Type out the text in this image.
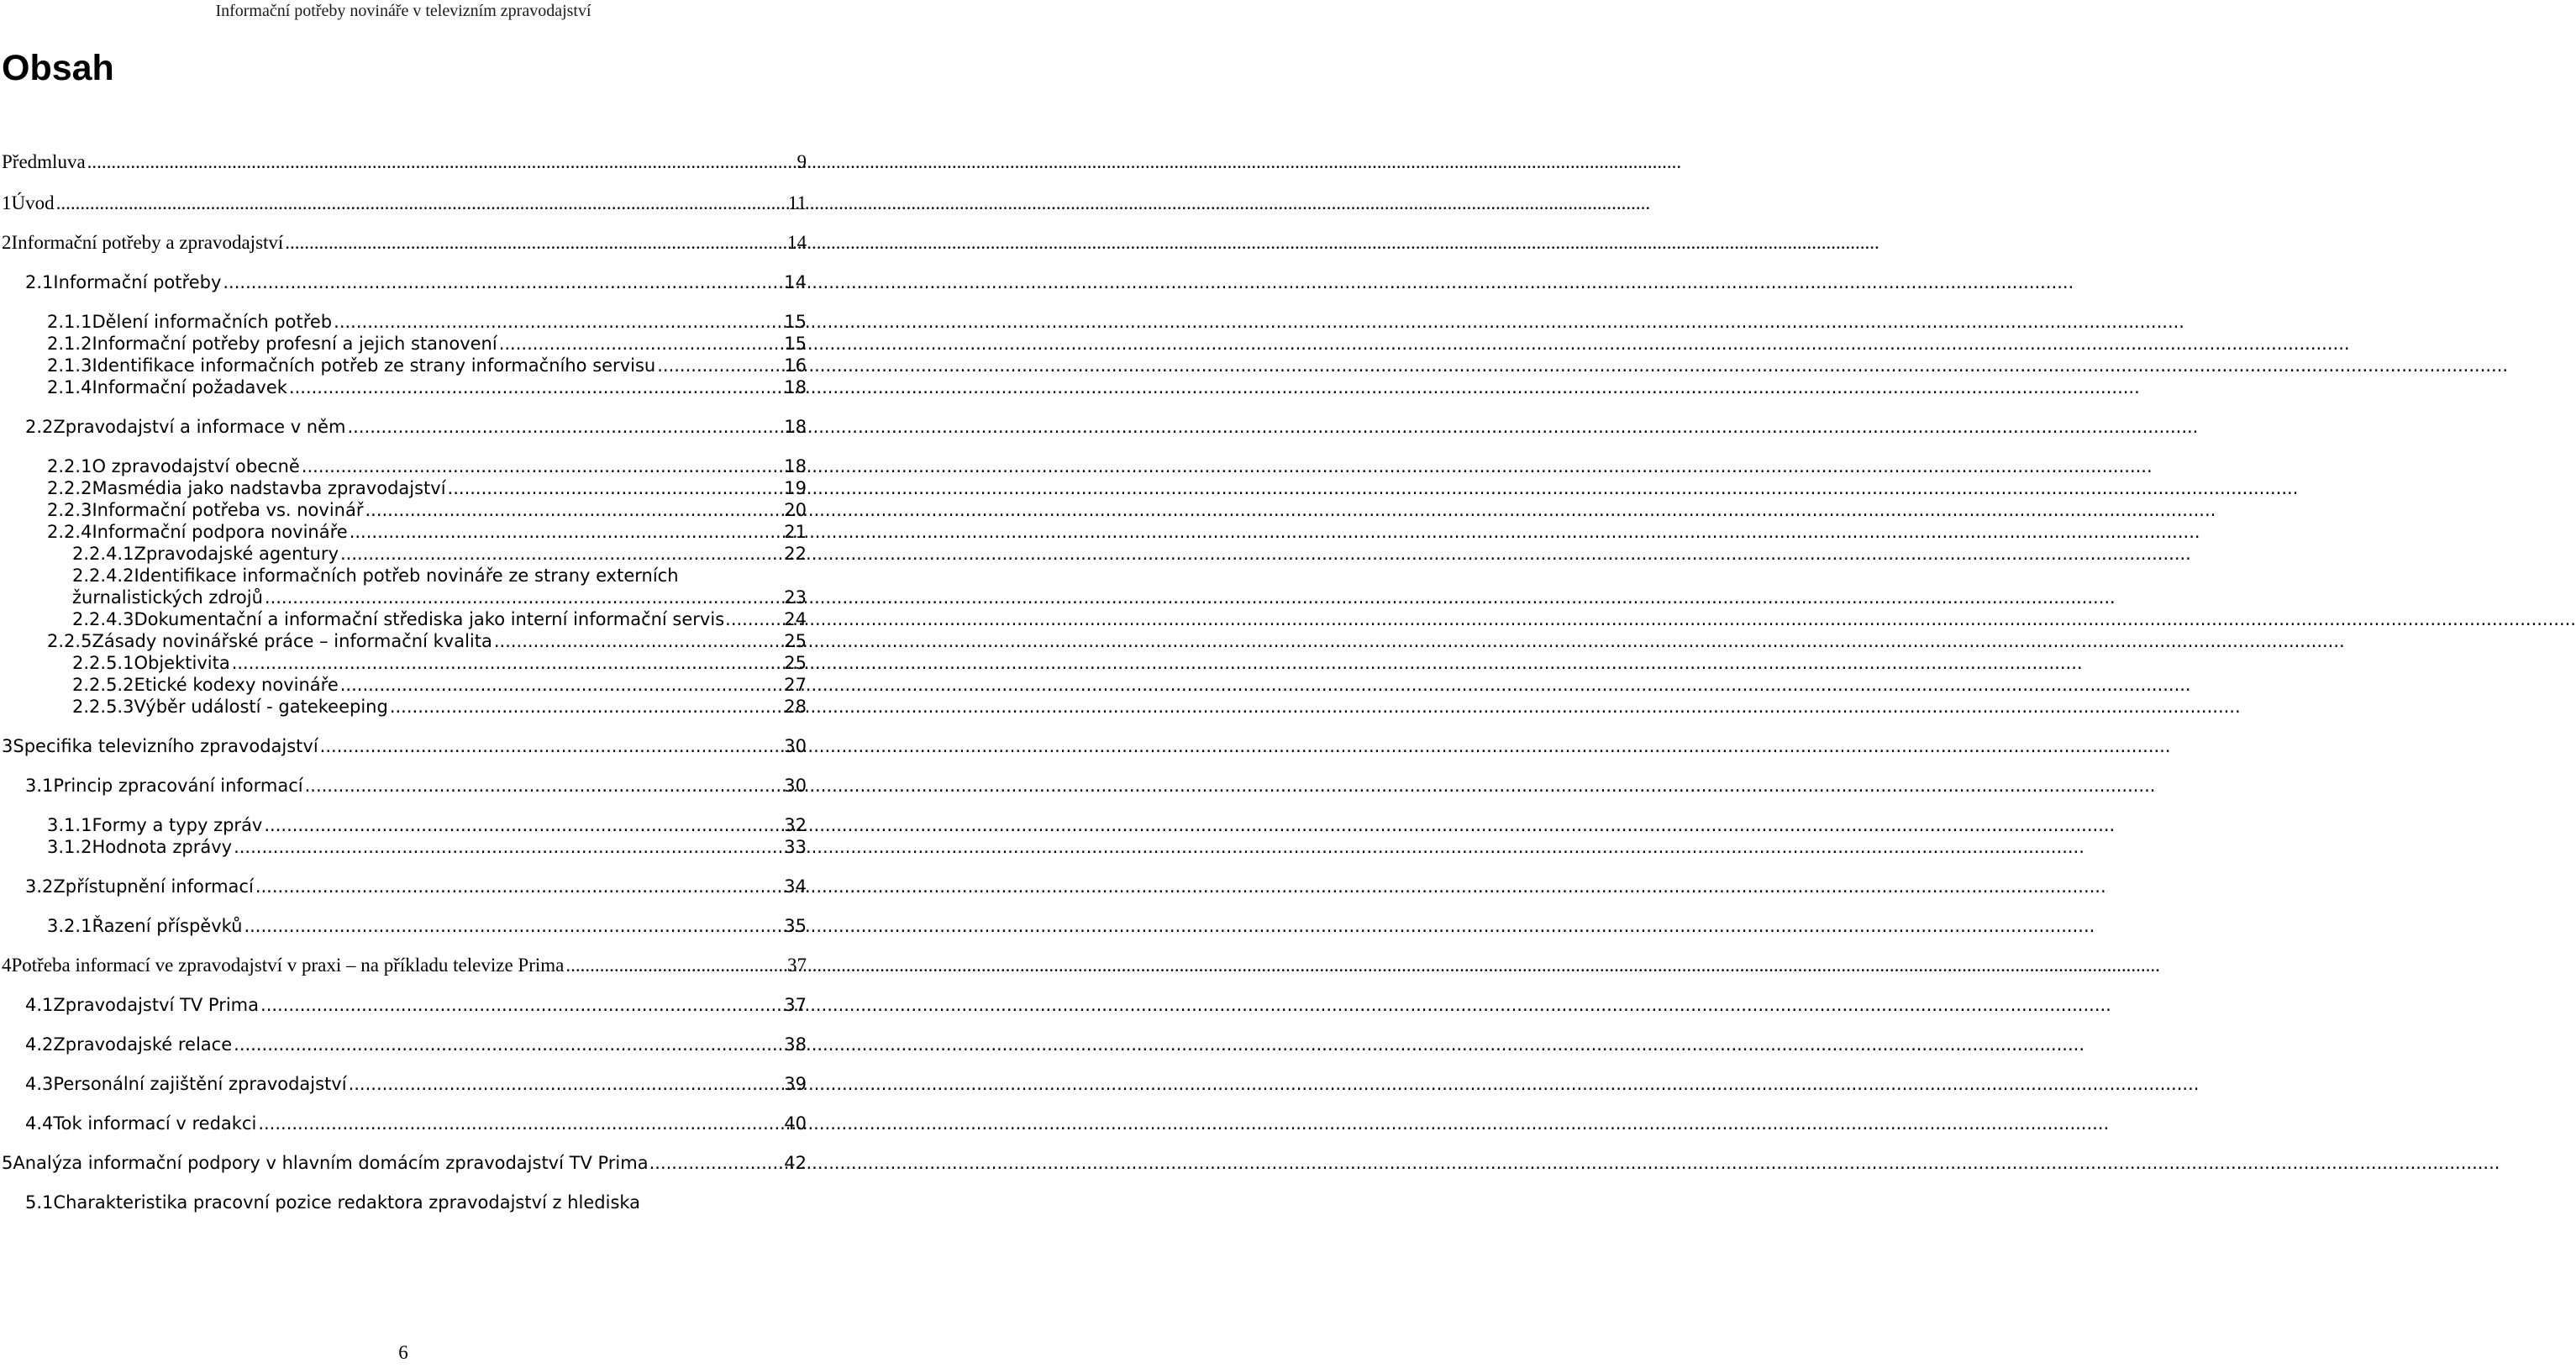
Informační potřeby novináře v televizním zpravodajství
Obsah
Předmluva .....	9
1 Úvod .....	11
2 Informační potřeby a zpravodajství .....	14
2.1 Informační potřeby .....	14
2.1.1 Dělení informačních potřeb .....	15
2.1.2 Informační potřeby profesní a jejich stanovení .....	15
2.1.3 Identifikace informačních potřeb ze strany informačního servisu .....	16
2.1.4 Informační požadavek .....	18
2.2 Zpravodajství a informace v něm .....	18
2.2.1 O zpravodajství obecně .....	18
2.2.2 Masmédia jako nadstavba zpravodajství .....	19
2.2.3 Informační potřeba vs. novinář .....	20
2.2.4 Informační podpora novináře .....	21
2.2.4.1 Zpravodajské agentury .....	22
2.2.4.2Identifikace informačních potřeb novináře ze strany externích
žurnalistických zdrojů .....	23
2.2.4.3 Dokumentační a informační střediska jako interní informační servis .....	24
2.2.5 Zásady novinářské práce – informační kvalita .....	25
2.2.5.1 Objektivita .....	25
2.2.5.2 Etické kodexy novináře .....	27
2.2.5.3 Výběr událostí - gatekeeping .....	28
3 Specifika televizního zpravodajství .....	30
3.1 Princip zpracování informací .....	30
3.1.1 Formy a typy zpráv .....	32
3.1.2 Hodnota zprávy .....	33
3.2 Zpřístupnění informací .....	34
3.2.1 Řazení příspěvků .....	35
4 Potřeba informací ve zpravodajství v praxi – na příkladu televize Prima .....	37
4.1 Zpravodajství TV Prima .....	37
4.2 Zpravodajské relace .....	38
4.3 Personální zajištění zpravodajství .....	39
4.4 Tok informací v redakci .....	40
5 Analýza informační podpory v hlavním domácím zpravodajství TV Prima .....	42
5.1Charakteristika pracovní pozice redaktora zpravodajství z hlediska
6
